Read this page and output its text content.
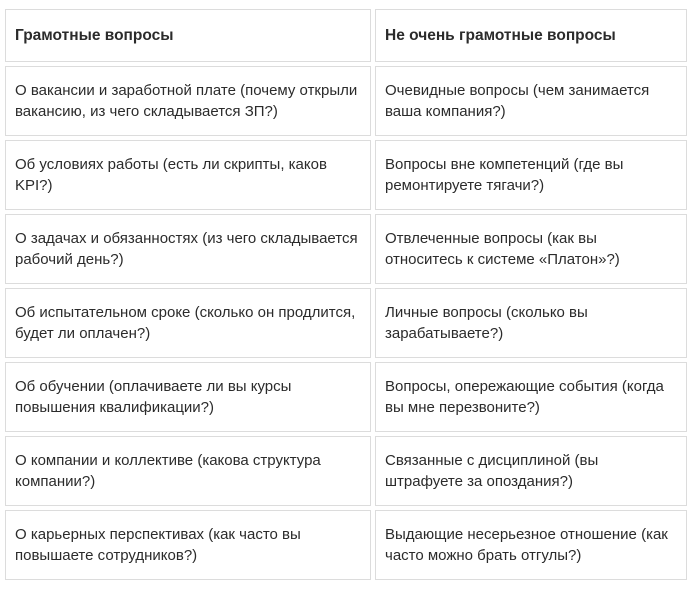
Грамотные вопросы	Не очень грамотные вопросы
О вакансии и заработной плате (почему открыли вакансию, из чего складывается ЗП?)
Очевидные вопросы (чем занимается ваша компания?)
Об условиях работы (есть ли скрипты, каков KPI?)
Вопросы вне компетенций (где вы ремонтируете тягачи?)
О задачах и обязанностях (из чего складывается рабочий день?)
Отвлеченные вопросы (как вы относитесь к системе «Платон»?)
Об испытательном сроке (сколько он продлится, будет ли оплачен?)
Личные вопросы (сколько вы зарабатываете?)
Об обучении (оплачиваете ли вы курсы повышения квалификации?)
Вопросы, опережающие события (когда вы мне перезвоните?)
О компании и коллективе (какова структура компании?)
Связанные с дисциплиной (вы штрафуете за опоздания?)
О карьерных перспективах (как часто вы повышаете сотрудников?)
Выдающие несерьезное отношение (как часто можно брать отгулы?)
